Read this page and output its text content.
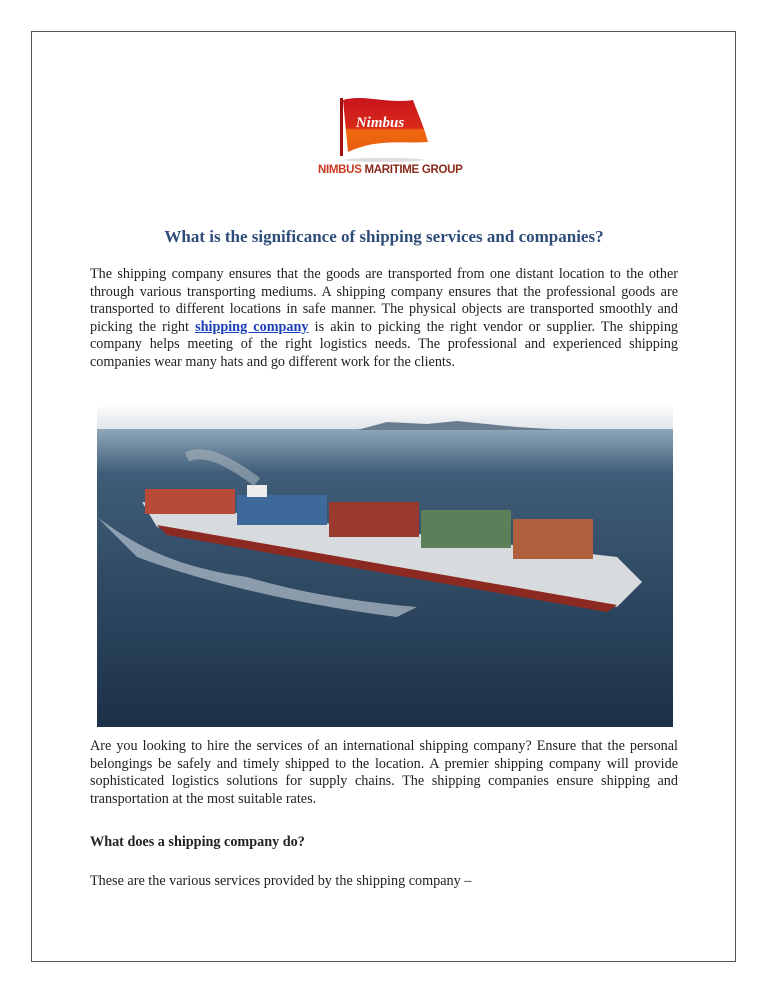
Nimbus
NIMBUS MARITIME GROUP
What is the significance of shipping services and companies?
The shipping company ensures that the goods are transported from one distant location to the other through various transporting mediums. A shipping company ensures that the professional goods are transported to different locations in safe manner. The physical objects are transported smoothly and picking the right shipping company is akin to picking the right vendor or supplier. The shipping company helps meeting of the right logistics needs. The professional and experienced shipping companies wear many hats and go different work for the clients.
Are you looking to hire the services of an international shipping company? Ensure that the personal belongings be safely and timely shipped to the location. A premier shipping company will provide sophisticated logistics solutions for supply chains. The shipping companies ensure shipping and transportation at the most suitable rates.
What does a shipping company do?
These are the various services provided by the shipping company –
